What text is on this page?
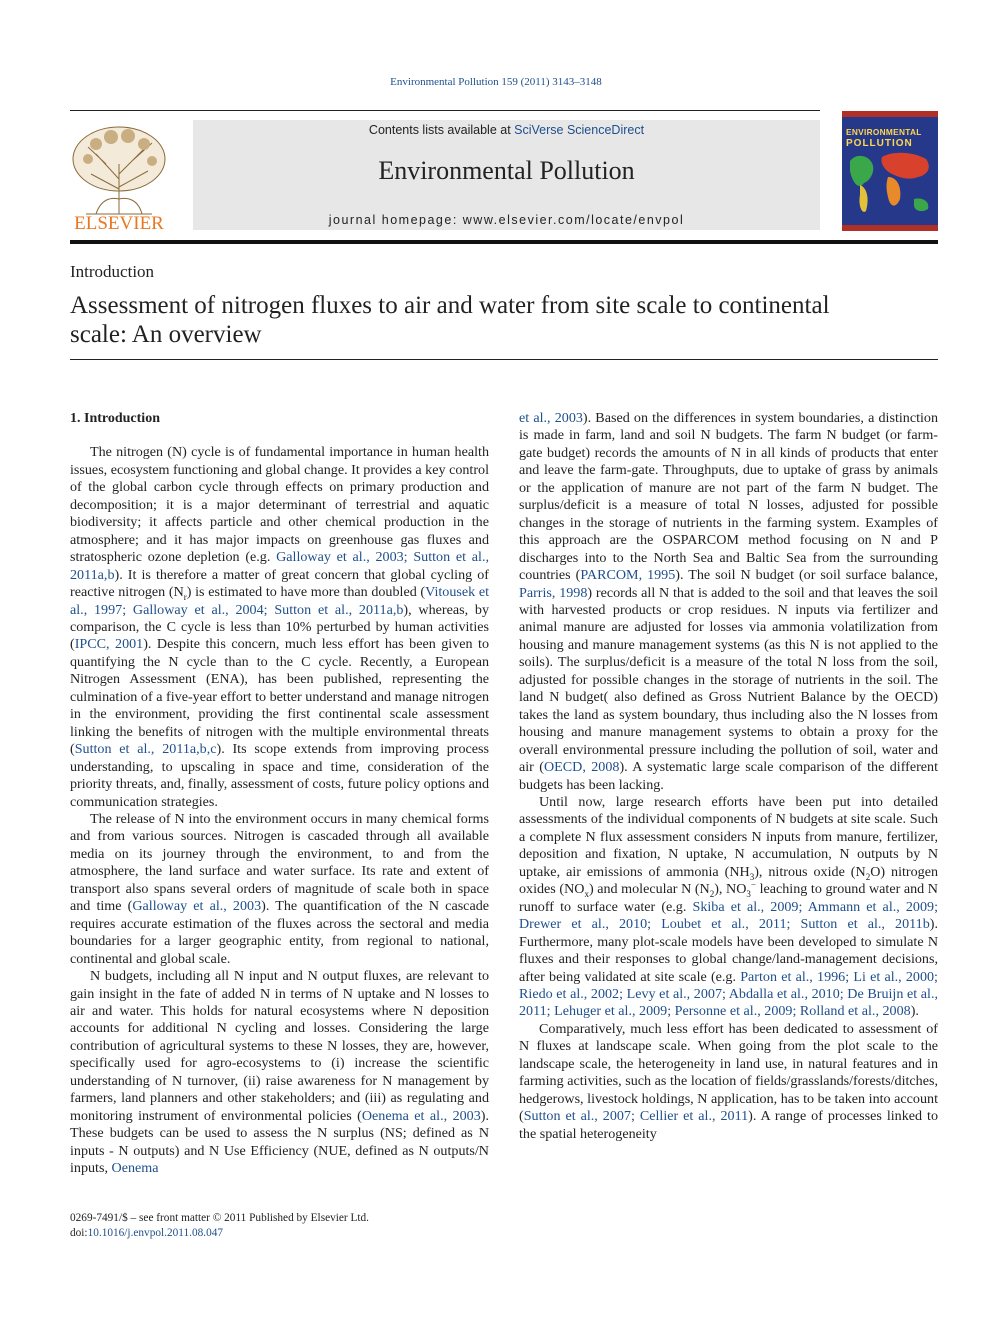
Environmental Pollution 159 (2011) 3143–3148
ELSEVIER
Contents lists available at SciVerse ScienceDirect
Environmental Pollution
journal homepage: www.elsevier.com/locate/envpol
ENVIRONMENTAL
POLLUTION
Introduction
Assessment of nitrogen fluxes to air and water from site scale to continental scale: An overview
1. Introduction

The nitrogen (N) cycle is of fundamental importance in human health issues, ecosystem functioning and global change. It provides a key control of the global carbon cycle through effects on primary production and decomposition; it is a major determinant of terrestrial and aquatic biodiversity; it affects particle and other chemical production in the atmosphere; and it has major impacts on greenhouse gas fluxes and stratospheric ozone depletion (e.g. Galloway et al., 2003; Sutton et al., 2011a,b). It is therefore a matter of great concern that global cycling of reactive nitrogen $(N_r)$ is estimated to have more than doubled (Vitousek et al., 1997; Galloway et al., 2004; Sutton et al., 2011a,b), whereas, by comparison, the C cycle is less than 10% perturbed by human activities (IPCC, 2001). Despite this concern, much less effort has been given to quantifying the N cycle than to the C cycle. Recently, a European Nitrogen Assessment (ENA), has been published, representing the culmination of a five-year effort to better understand and manage nitrogen in the environment, providing the first continental scale assessment linking the benefits of nitrogen with the multiple environmental threats (Sutton et al., 2011a,b,c). Its scope extends from improving process understanding, to upscaling in space and time, consideration of the priority threats, and, finally, assessment of costs, future policy options and communication strategies.

The release of N into the environment occurs in many chemical forms and from various sources. Nitrogen is cascaded through all available media on its journey through the environment, to and from the atmosphere, the land surface and water surface. Its rate and extent of transport also spans several orders of magnitude of scale both in space and time (Galloway et al., 2003). The quantification of the N cascade requires accurate estimation of the fluxes across the sectoral and media boundaries for a larger geographic entity, from regional to national, continental and global scale.

N budgets, including all N input and N output fluxes, are relevant to gain insight in the fate of added N in terms of N uptake and N losses to air and water. This holds for natural ecosystems where N deposition accounts for additional N cycling and losses. Considering the large contribution of agricultural systems to these N losses, they are, however, specifically used for agro-ecosystems to (i) increase the scientific understanding of N turnover, (ii) raise awareness for N management by farmers, land planners and other stakeholders; and (iii) as regulating and monitoring instrument of environmental policies (Oenema et al., 2003). These budgets can be used to assess the N surplus (NS; defined as N inputs - N outputs) and N Use Efficiency (NUE, defined as N outputs/N inputs, Oenema

et al., 2003). Based on the differences in system boundaries, a distinction is made in farm, land and soil N budgets. The farm N budget (or farm-gate budget) records the amounts of N in all kinds of products that enter and leave the farm-gate. Throughputs, due to uptake of grass by animals or the application of manure are not part of the farm N budget. The surplus/deficit is a measure of total N losses, adjusted for possible changes in the storage of nutrients in the farming system. Examples of this approach are the OSPARCOM method focusing on N and P discharges into to the North Sea and Baltic Sea from the surrounding countries (PARCOM, 1995). The soil N budget (or soil surface balance, Parris, 1998) records all N that is added to the soil and that leaves the soil with harvested products or crop residues. N inputs via fertilizer and animal manure are adjusted for losses via ammonia volatilization from housing and manure management systems (as this N is not applied to the soils). The surplus/deficit is a measure of the total N loss from the soil, adjusted for possible changes in the storage of nutrients in the soil. The land N budget( also defined as Gross Nutrient Balance by the OECD) takes the land as system boundary, thus including also the N losses from housing and manure management systems to obtain a proxy for the overall environmental pressure including the pollution of soil, water and air (OECD, 2008). A systematic large scale comparison of the different budgets has been lacking.

Until now, large research efforts have been put into detailed assessments of the individual components of N budgets at site scale. Such a complete N flux assessment considers N inputs from manure, fertilizer, deposition and fixation, N uptake, N accumulation, N outputs by N uptake, air emissions of ammonia $(NH_3)$, nitrous oxide $(N_2O)$ nitrogen oxides $(NO_x)$ and molecular N $(N_2)$, $NO_3^-$ leaching to ground water and N runoff to surface water (e.g. Skiba et al., 2009; Ammann et al., 2009; Drewer et al., 2010; Loubet et al., 2011; Sutton et al., 2011b). Furthermore, many plot-scale models have been developed to simulate N fluxes and their responses to global change/land-management decisions, after being validated at site scale (e.g. Parton et al., 1996; Li et al., 2000; Riedo et al., 2002; Levy et al., 2007; Abdalla et al., 2010; De Bruijn et al., 2011; Lehuger et al., 2009; Personne et al., 2009; Rolland et al., 2008).

Comparatively, much less effort has been dedicated to assessment of N fluxes at landscape scale. When going from the plot scale to the landscape scale, the heterogeneity in land use, in natural features and in farming activities, such as the location of fields/grasslands/forests/ditches, hedgerows, livestock holdings, N application, has to be taken into account (Sutton et al., 2007; Cellier et al., 2011). A range of processes linked to the spatial heterogeneity

0269-7491/$ – see front matter © 2011 Published by Elsevier Ltd.
doi:10.1016/j.envpol.2011.08.047
